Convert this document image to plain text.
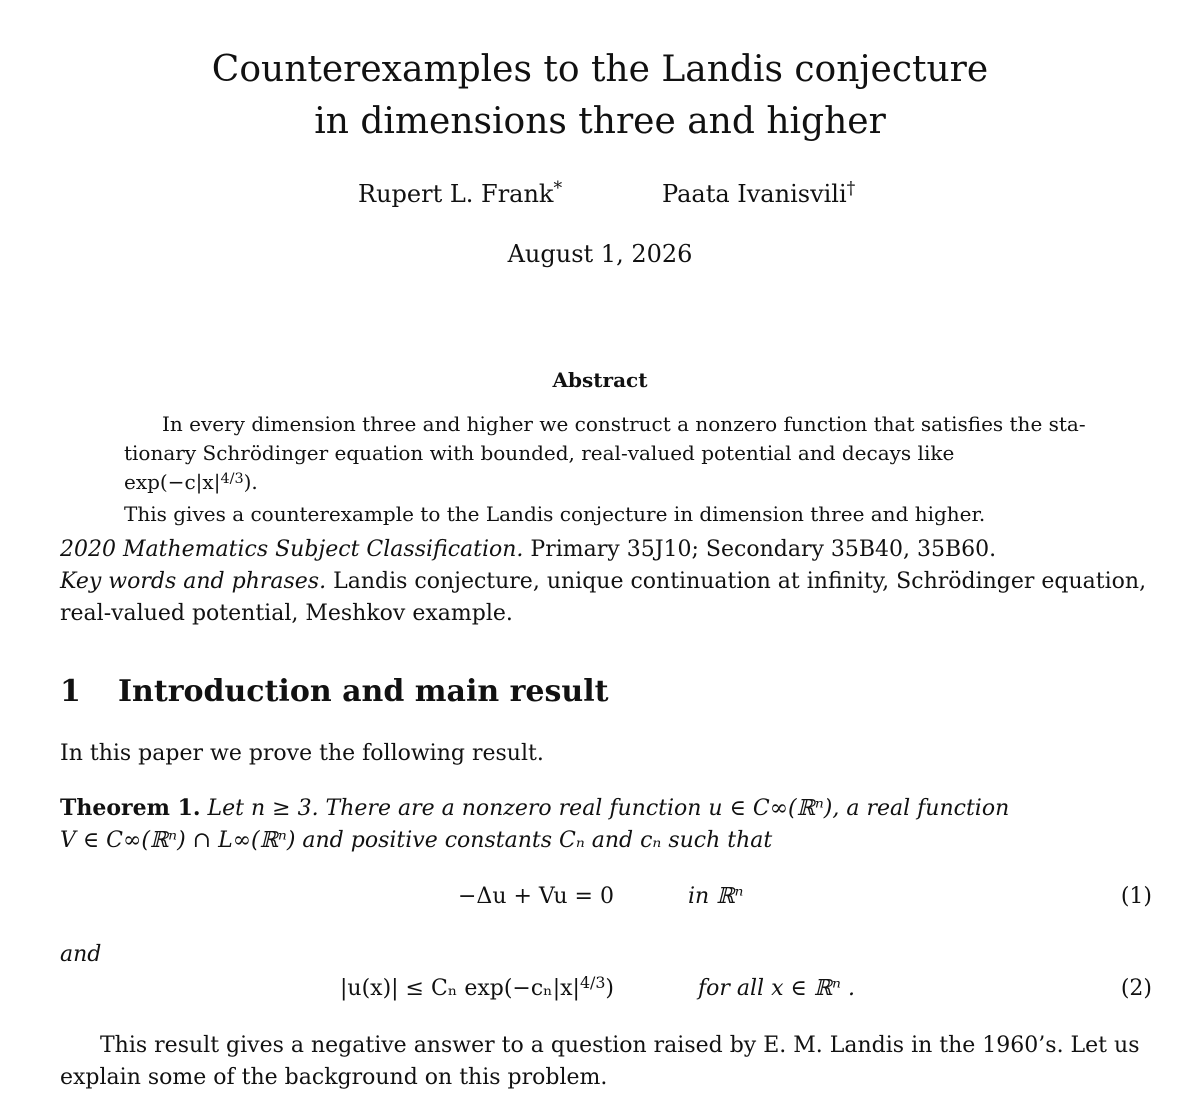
Counterexamples to the Landis conjecture
in dimensions three and higher
Rupert L. Frank*	Paata Ivanisvili†
August 1, 2026
Abstract
In every dimension three and higher we construct a nonzero function that satisfies the sta-
tionary Schrödinger equation with bounded, real-valued potential and decays like $\exp(-c|x|^{4/3})$.
This gives a counterexample to the Landis conjecture in dimension three and higher.
2020 Mathematics Subject Classification. Primary 35J10; Secondary 35B40, 35B60.
Key words and phrases. Landis conjecture, unique continuation at infinity, Schrödinger equation,
real-valued potential, Meshkov example.
1 Introduction and main result
In this paper we prove the following result.
Theorem 1. Let n ≥ 3. There are a nonzero real function u ∈ C∞(ℝⁿ), a real function
V ∈ C∞(ℝⁿ) ∩ L∞(ℝⁿ) and positive constants Cₙ and cₙ such that
−Δu + Vu = 0	in ℝⁿ	(1)
and
|u(x)| ≤ Cₙ $\exp(-c_n|x|^{4/3})$	for all x ∈ ℝⁿ .	(2)
This result gives a negative answer to a question raised by E. M. Landis in the 1960’s. Let us
explain some of the background on this problem.
